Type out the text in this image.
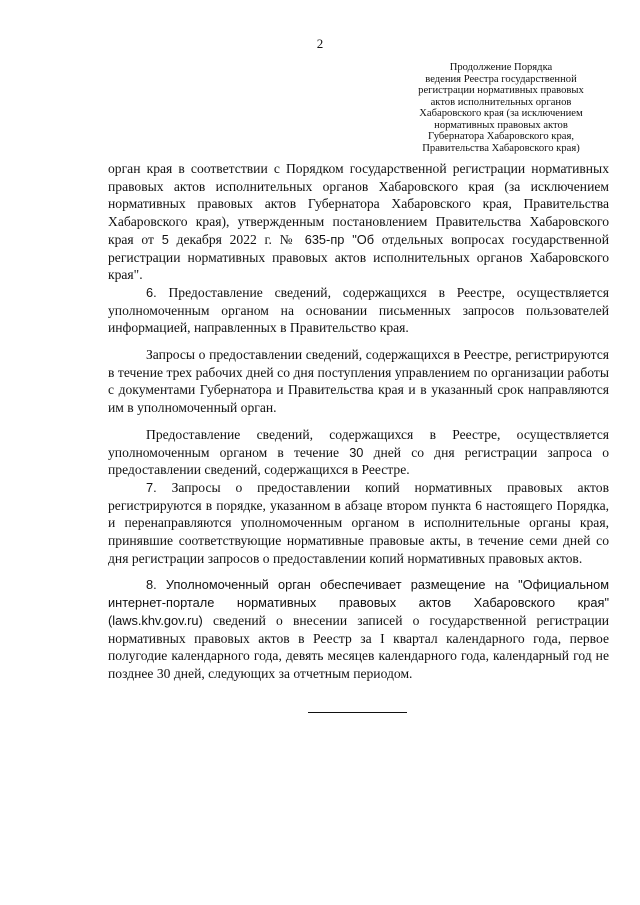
2
Продолжение Порядка
ведения Реестра государственной
регистрации нормативных правовых
актов исполнительных органов
Хабаровского края (за исключением
нормативных правовых актов
Губернатора Хабаровского края,
Правительства Хабаровского края)

орган края в соответствии с Порядком государственной регистрации нормативных правовых актов исполнительных органов Хабаровского края (за исключением нормативных правовых актов Губернатора Хабаровского края, Правительства Хабаровского края), утвержденным постановлением Правительства Хабаровского края от 5 декабря 2022 г. № 635-пр "Об отдельных вопросах государственной регистрации нормативных правовых актов исполнительных органов Хабаровского края".

6. Предоставление сведений, содержащихся в Реестре, осуществляется уполномоченным органом на основании письменных запросов пользователей информацией, направленных в Правительство края.

Запросы о предоставлении сведений, содержащихся в Реестре, регистрируются в течение трех рабочих дней со дня поступления управлением по организации работы с документами Губернатора и Правительства края и в указанный срок направляются им в уполномоченный орган.

Предоставление сведений, содержащихся в Реестре, осуществляется уполномоченным органом в течение 30 дней со дня регистрации запроса о предоставлении сведений, содержащихся в Реестре.

7. Запросы о предоставлении копий нормативных правовых актов регистрируются в порядке, указанном в абзаце втором пункта 6 настоящего Порядка, и перенаправляются уполномоченным органом в исполнительные органы края, принявшие соответствующие нормативные правовые акты, в течение семи дней со дня регистрации запросов о предоставлении копий нормативных правовых актов.

8. Уполномоченный орган обеспечивает размещение на "Официальном интернет-портале нормативных правовых актов Хабаровского края" (laws.khv.gov.ru) сведений о внесении записей о государственной регистрации нормативных правовых актов в Реестр за I квартал календарного года, первое полугодие календарного года, девять месяцев календарного года, календарный год не позднее 30 дней, следующих за отчетным периодом.
